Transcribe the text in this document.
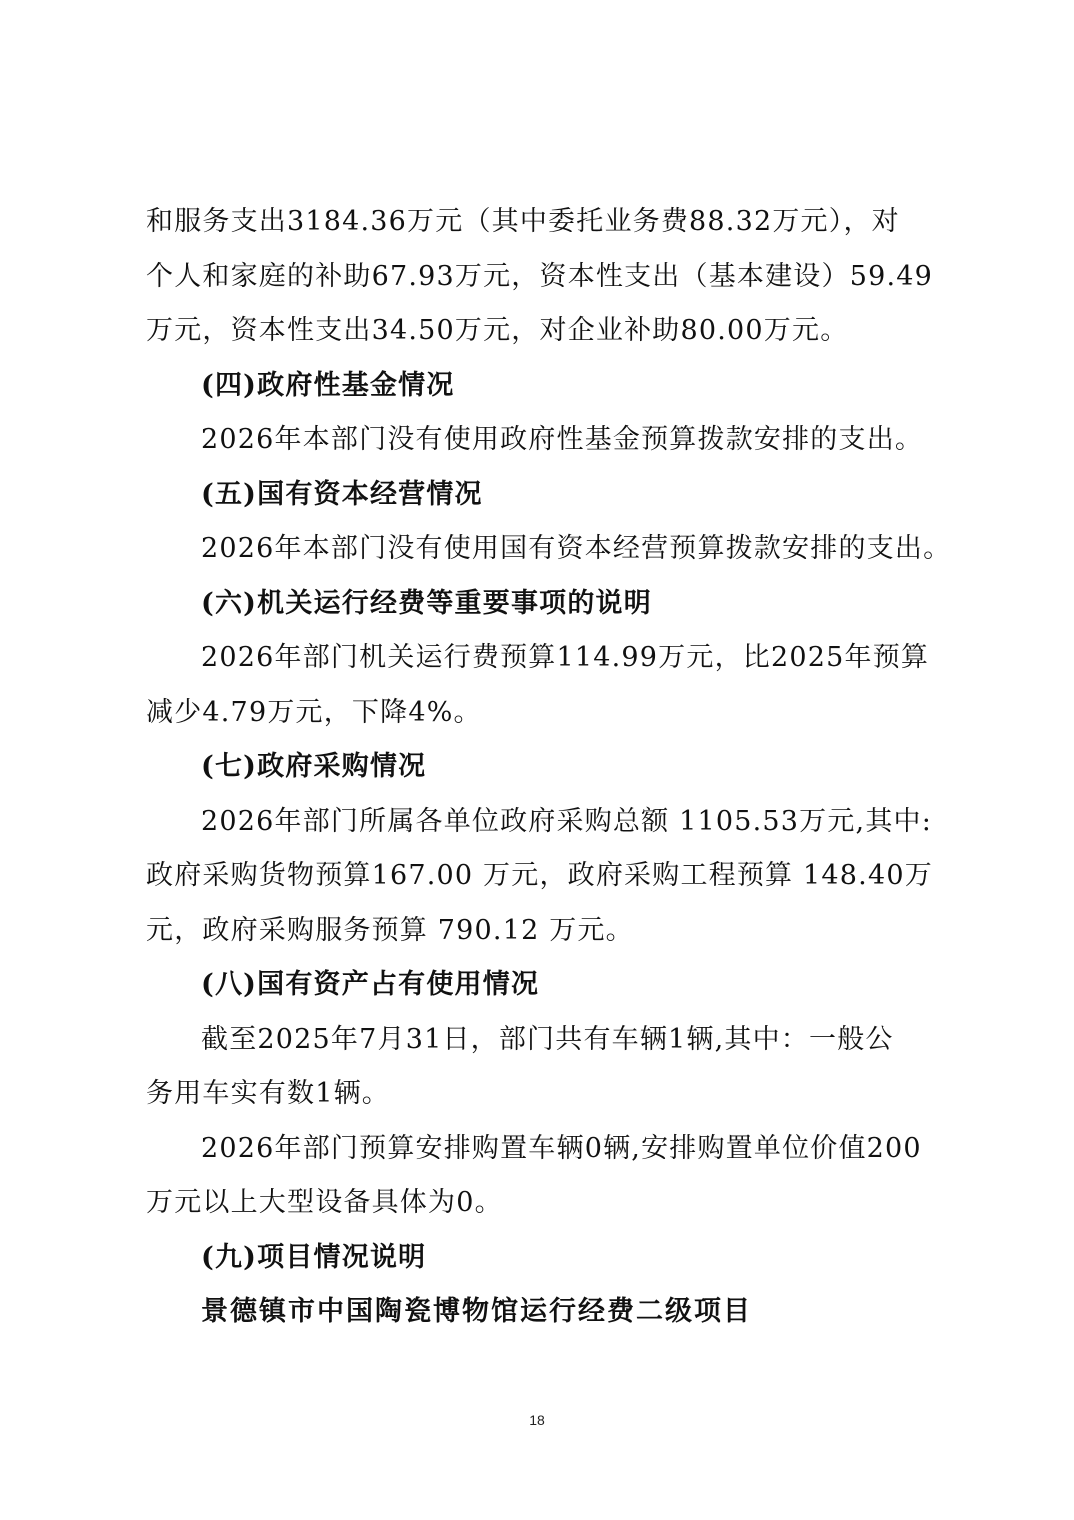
和服务支出3184.36万元（其中委托业务费88.32万元），对
个人和家庭的补助67.93万元，资本性支出（基本建设）59.49
万元，资本性支出34.50万元，对企业补助80.00万元。
(四)政府性基金情况
2026年本部门没有使用政府性基金预算拨款安排的支出。
(五)国有资本经营情况
2026年本部门没有使用国有资本经营预算拨款安排的支出。
(六)机关运行经费等重要事项的说明
2026年部门机关运行费预算114.99万元，比2025年预算
减少4.79万元，下降4%。
(七)政府采购情况
2026年部门所属各单位政府采购总额 1105.53万元,其中:
政府采购货物预算167.00 万元，政府采购工程预算 148.40万
元，政府采购服务预算 790.12 万元。
(八)国有资产占有使用情况
截至2025年7月31日，部门共有车辆1辆,其中：一般公
务用车实有数1辆。
2026年部门预算安排购置车辆0辆,安排购置单位价值200
万元以上大型设备具体为0。
(九)项目情况说明
景德镇市中国陶瓷博物馆运行经费二级项目
18
